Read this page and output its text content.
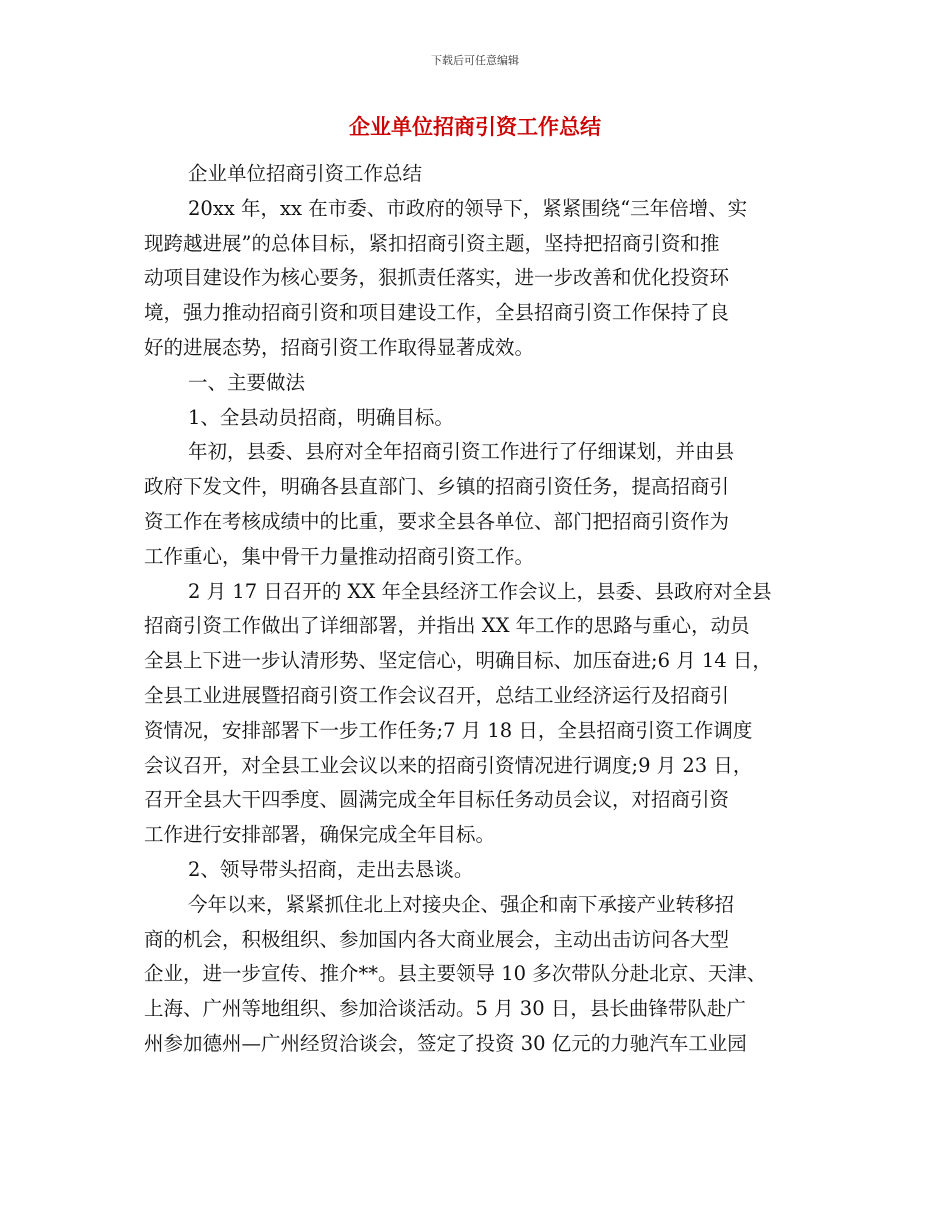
下载后可任意编辑
企业单位招商引资工作总结
企业单位招商引资工作总结
20xx 年，xx 在市委、市政府的领导下，紧紧围绕“三年倍增、实
现跨越进展”的总体目标，紧扣招商引资主题，坚持把招商引资和推
动项目建设作为核心要务，狠抓责任落实，进一步改善和优化投资环
境，强力推动招商引资和项目建设工作，全县招商引资工作保持了良
好的进展态势，招商引资工作取得显著成效。
一、主要做法
1、全县动员招商，明确目标。
年初，县委、县府对全年招商引资工作进行了仔细谋划，并由县
政府下发文件，明确各县直部门、乡镇的招商引资任务，提高招商引
资工作在考核成绩中的比重，要求全县各单位、部门把招商引资作为
工作重心，集中骨干力量推动招商引资工作。
2 月 17 日召开的 XX 年全县经济工作会议上，县委、县政府对全县
招商引资工作做出了详细部署，并指出 XX 年工作的思路与重心，动员
全县上下进一步认清形势、坚定信心，明确目标、加压奋进;6 月 14 日，
全县工业进展暨招商引资工作会议召开，总结工业经济运行及招商引
资情况，安排部署下一步工作任务;7 月 18 日，全县招商引资工作调度
会议召开，对全县工业会议以来的招商引资情况进行调度;9 月 23 日，
召开全县大干四季度、圆满完成全年目标任务动员会议，对招商引资
工作进行安排部署，确保完成全年目标。
2、领导带头招商，走出去恳谈。
今年以来，紧紧抓住北上对接央企、强企和南下承接产业转移招
商的机会，积极组织、参加国内各大商业展会，主动出击访问各大型
企业，进一步宣传、推介**。县主要领导 10 多次带队分赴北京、天津、
上海、广州等地组织、参加洽谈活动。5 月 30 日，县长曲锋带队赴广
州参加德州—广州经贸洽谈会，签定了投资 30 亿元的力驰汽车工业园
